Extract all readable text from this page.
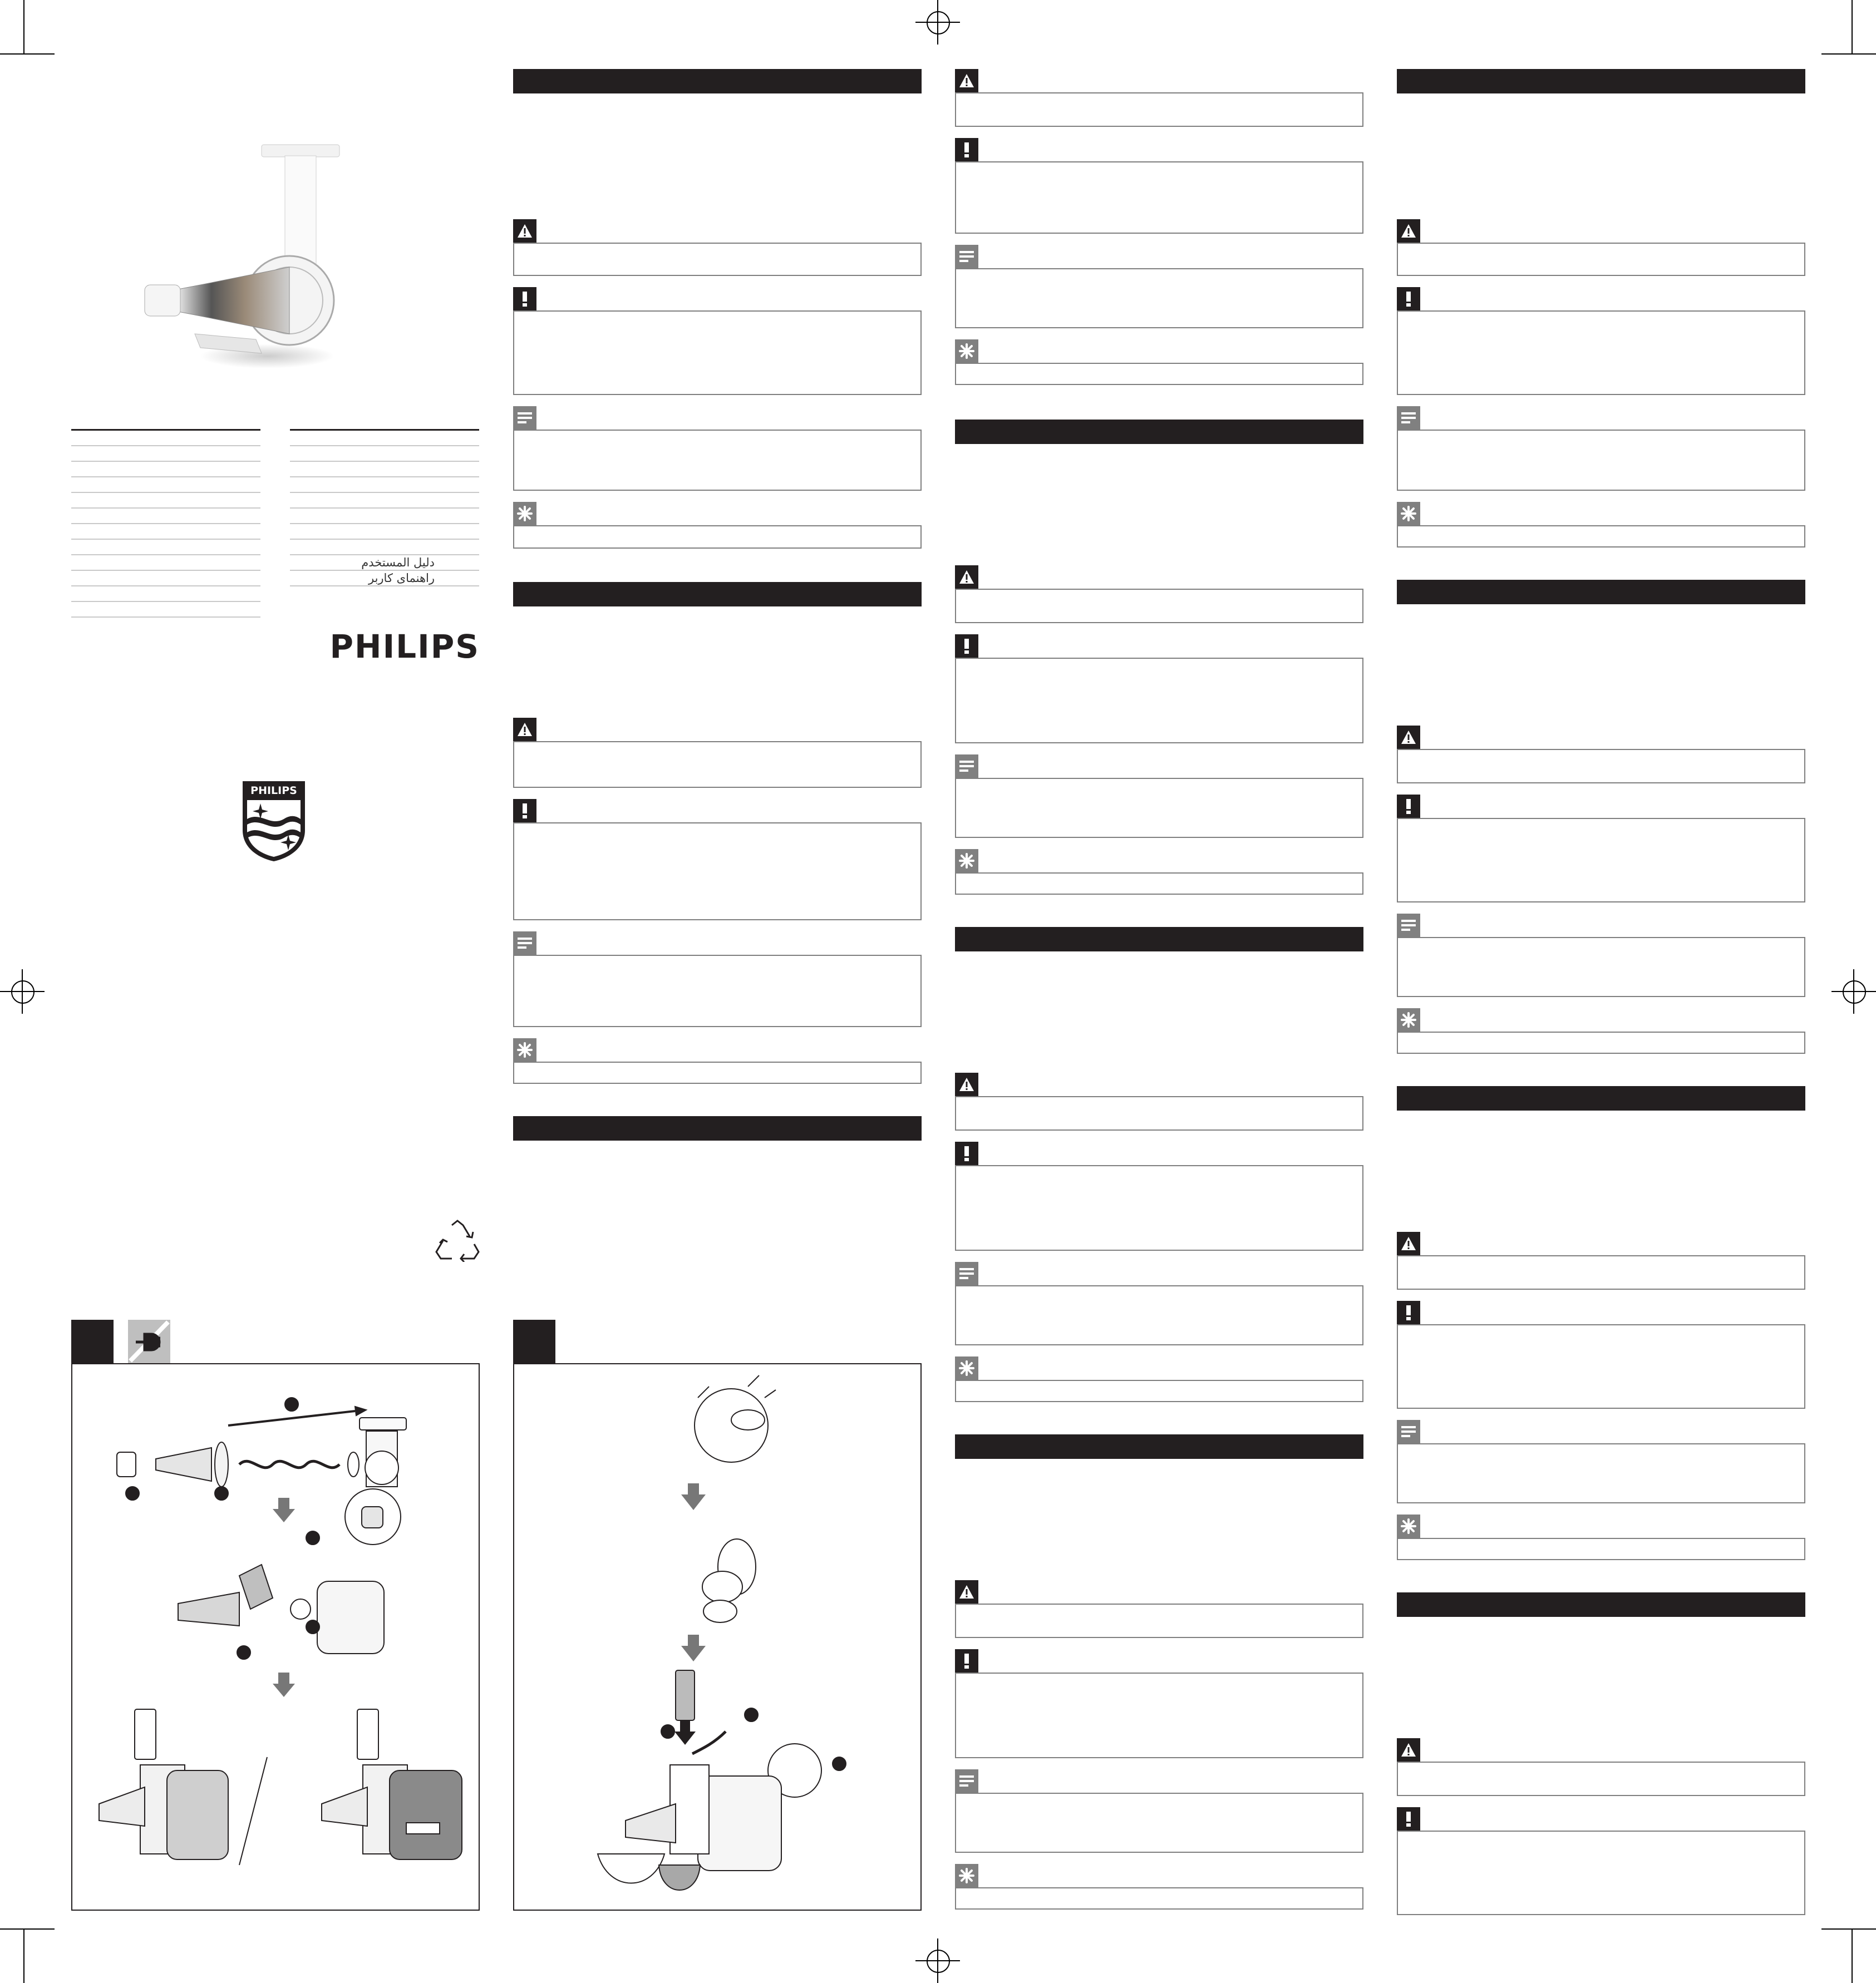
دليل المستخدم
راهنمای کاربر
PHILIPS
PHILIPS
